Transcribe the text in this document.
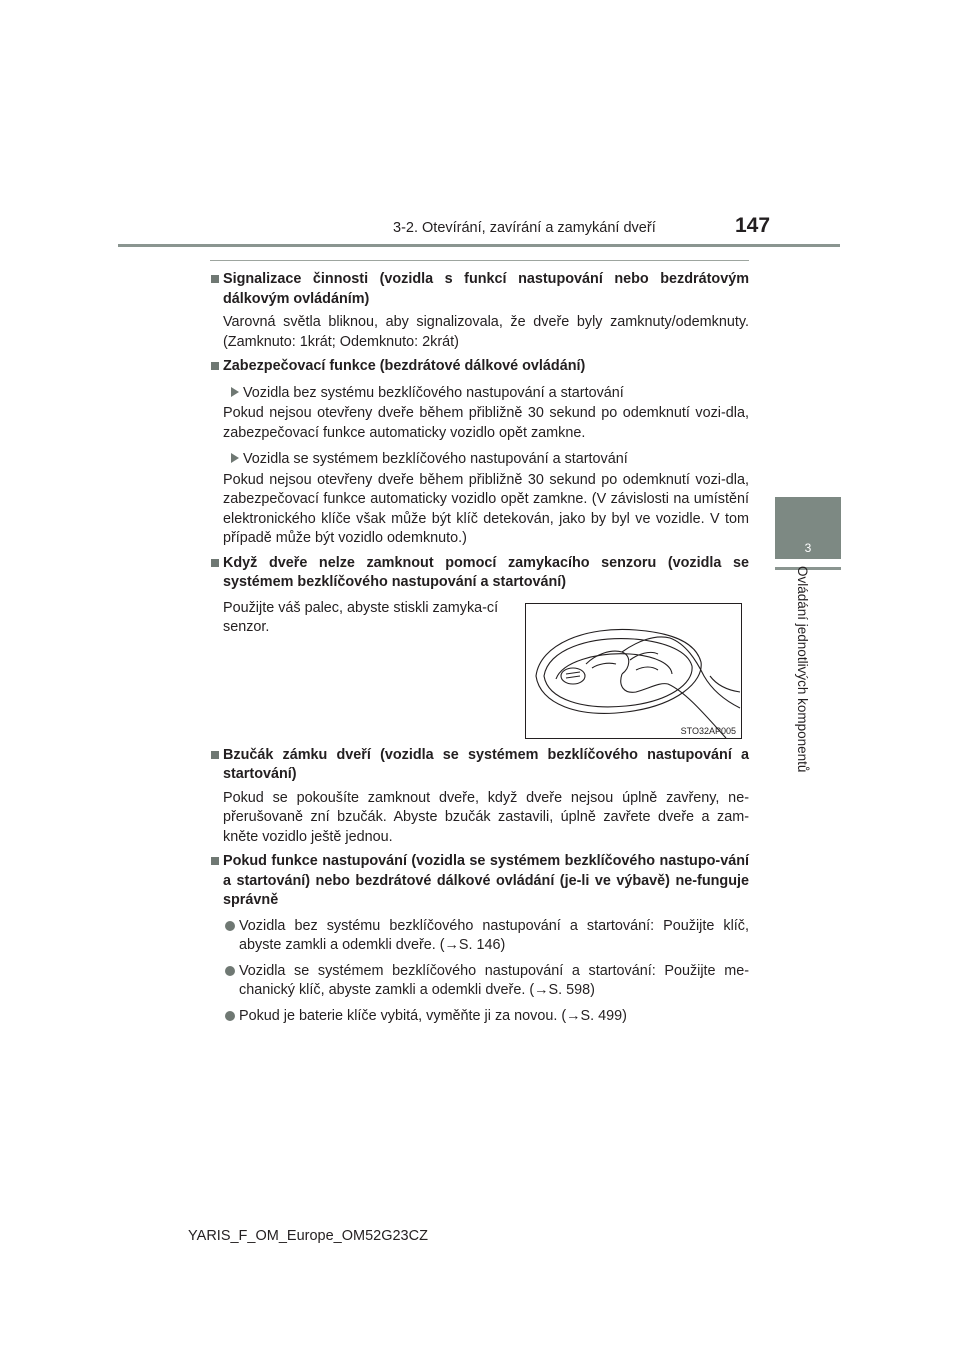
3-2. Otevírání, zavírání a zamykání dveří	147
3
Ovládání jednotlivých komponentů
Signalizace činnosti (vozidla s funkcí nastupování nebo bezdrátovým dálkovým ovládáním)
Varovná světla bliknou, aby signalizovala, že dveře byly zamknuty/odemknuty. (Zamknuto: 1krát; Odemknuto: 2krát)
Zabezpečovací funkce (bezdrátové dálkové ovládání)
Vozidla bez systému bezklíčového nastupování a startování
Pokud nejsou otevřeny dveře během přibližně 30 sekund po odemknutí vozi-dla, zabezpečovací funkce automaticky vozidlo opět zamkne.
Vozidla se systémem bezklíčového nastupování a startování
Pokud nejsou otevřeny dveře během přibližně 30 sekund po odemknutí vozi-dla, zabezpečovací funkce automaticky vozidlo opět zamkne. (V závislosti na umístění elektronického klíče však může být klíč detekován, jako by byl ve vozidle. V tom případě může být vozidlo odemknuto.)
Když dveře nelze zamknout pomocí zamykacího senzoru (vozidla se systémem bezklíčového nastupování a startování)
Použijte váš palec, abyste stiskli zamyka-cí senzor.
STO32AP005
Bzučák zámku dveří (vozidla se systémem bezklíčového nastupování a startování)
Pokud se pokoušíte zamknout dveře, když dveře nejsou úplně zavřeny, ne-přerušovaně zní bzučák. Abyste bzučák zastavili, úplně zavřete dveře a zam-kněte vozidlo ještě jednou.
Pokud funkce nastupování (vozidla se systémem bezklíčového nastupo-vání a startování) nebo bezdrátové dálkové ovládání (je-li ve výbavě) ne-funguje správně
Vozidla bez systému bezklíčového nastupování a startování: Použijte klíč, abyste zamkli a odemkli dveře. (→S. 146)
Vozidla se systémem bezklíčového nastupování a startování: Použijte me-chanický klíč, abyste zamkli a odemkli dveře. (→S. 598)
Pokud je baterie klíče vybitá, vyměňte ji za novou. (→S. 499)
YARIS_F_OM_Europe_OM52G23CZ
